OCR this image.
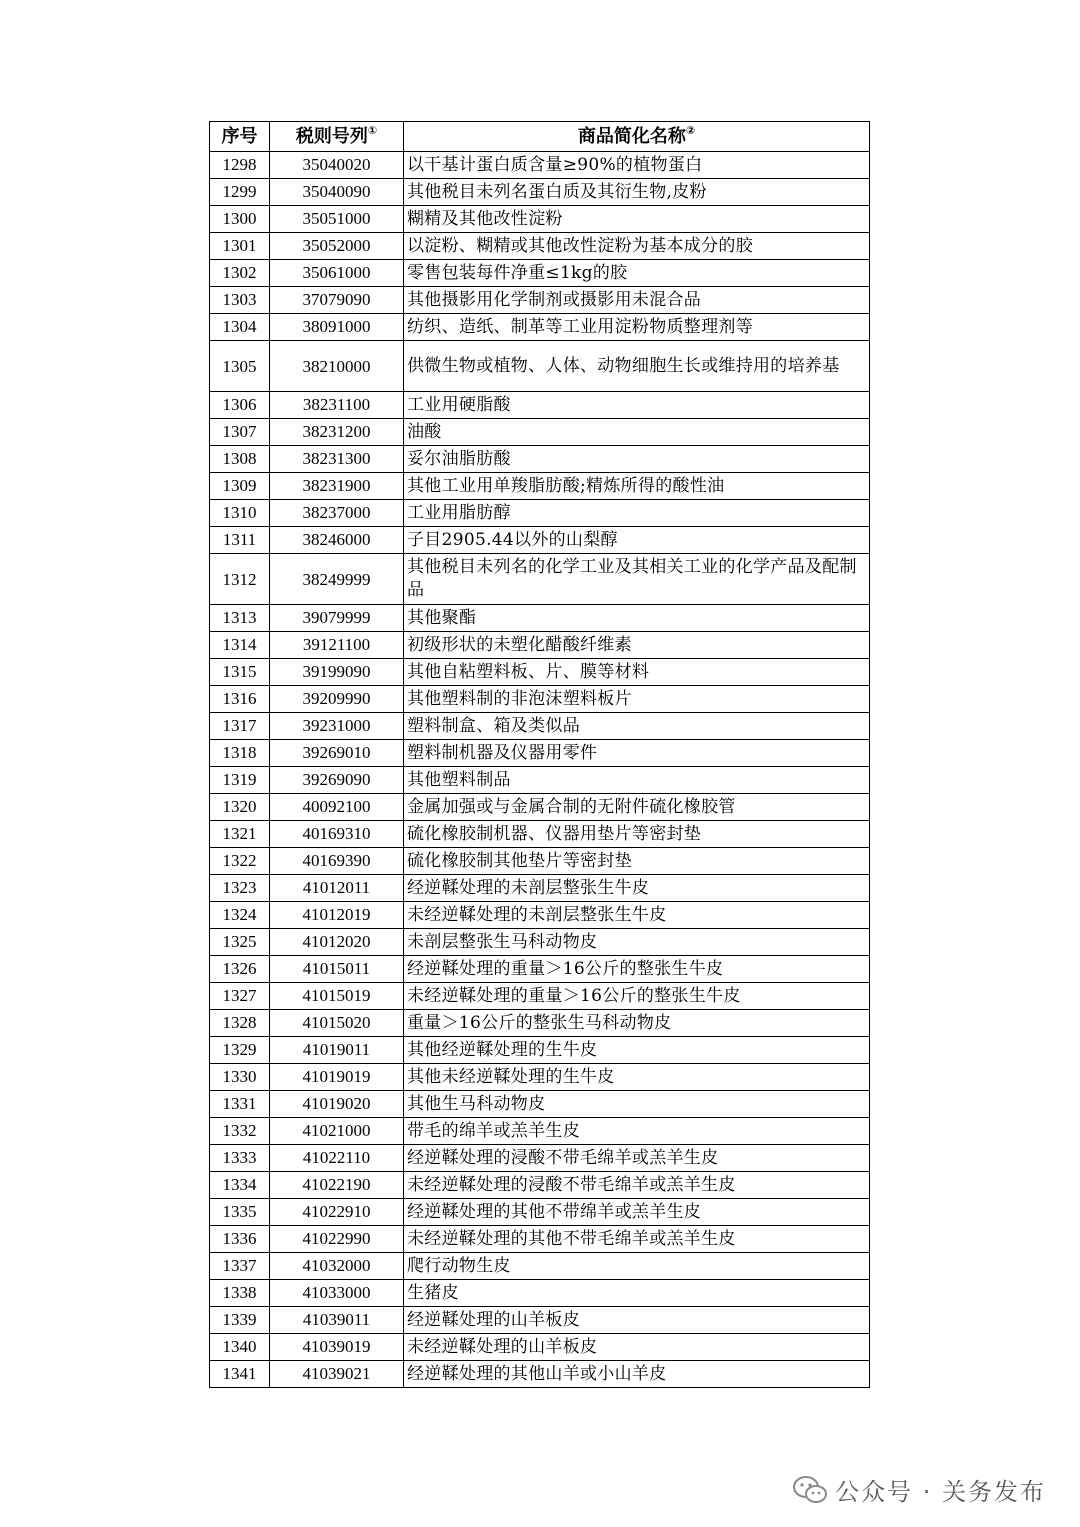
序号	税则号列①	商品简化名称②
1298	35040020	以干基计蛋白质含量≥90%的植物蛋白
1299	35040090	其他税目未列名蛋白质及其衍生物,皮粉
1300	35051000	糊精及其他改性淀粉
1301	35052000	以淀粉、糊精或其他改性淀粉为基本成分的胶
1302	35061000	零售包装每件净重≤1kg的胶
1303	37079090	其他摄影用化学制剂或摄影用未混合品
1304	38091000	纺织、造纸、制革等工业用淀粉物质整理剂等
1305	38210000	供微生物或植物、人体、动物细胞生长或维持用的培养基
1306	38231100	工业用硬脂酸
1307	38231200	油酸
1308	38231300	妥尔油脂肪酸
1309	38231900	其他工业用单羧脂肪酸;精炼所得的酸性油
1310	38237000	工业用脂肪醇
1311	38246000	子目2905.44以外的山梨醇
1312	38249999	其他税目未列名的化学工业及其相关工业的化学产品及配制品
1313	39079999	其他聚酯
1314	39121100	初级形状的未塑化醋酸纤维素
1315	39199090	其他自粘塑料板、片、膜等材料
1316	39209990	其他塑料制的非泡沫塑料板片
1317	39231000	塑料制盒、箱及类似品
1318	39269010	塑料制机器及仪器用零件
1319	39269090	其他塑料制品
1320	40092100	金属加强或与金属合制的无附件硫化橡胶管
1321	40169310	硫化橡胶制机器、仪器用垫片等密封垫
1322	40169390	硫化橡胶制其他垫片等密封垫
1323	41012011	经逆鞣处理的未剖层整张生牛皮
1324	41012019	未经逆鞣处理的未剖层整张生牛皮
1325	41012020	未剖层整张生马科动物皮
1326	41015011	经逆鞣处理的重量＞16公斤的整张生牛皮
1327	41015019	未经逆鞣处理的重量＞16公斤的整张生牛皮
1328	41015020	重量＞16公斤的整张生马科动物皮
1329	41019011	其他经逆鞣处理的生牛皮
1330	41019019	其他未经逆鞣处理的生牛皮
1331	41019020	其他生马科动物皮
1332	41021000	带毛的绵羊或羔羊生皮
1333	41022110	经逆鞣处理的浸酸不带毛绵羊或羔羊生皮
1334	41022190	未经逆鞣处理的浸酸不带毛绵羊或羔羊生皮
1335	41022910	经逆鞣处理的其他不带绵羊或羔羊生皮
1336	41022990	未经逆鞣处理的其他不带毛绵羊或羔羊生皮
1337	41032000	爬行动物生皮
1338	41033000	生猪皮
1339	41039011	经逆鞣处理的山羊板皮
1340	41039019	未经逆鞣处理的山羊板皮
1341	41039021	经逆鞣处理的其他山羊或小山羊皮
公众号 · 关务发布
